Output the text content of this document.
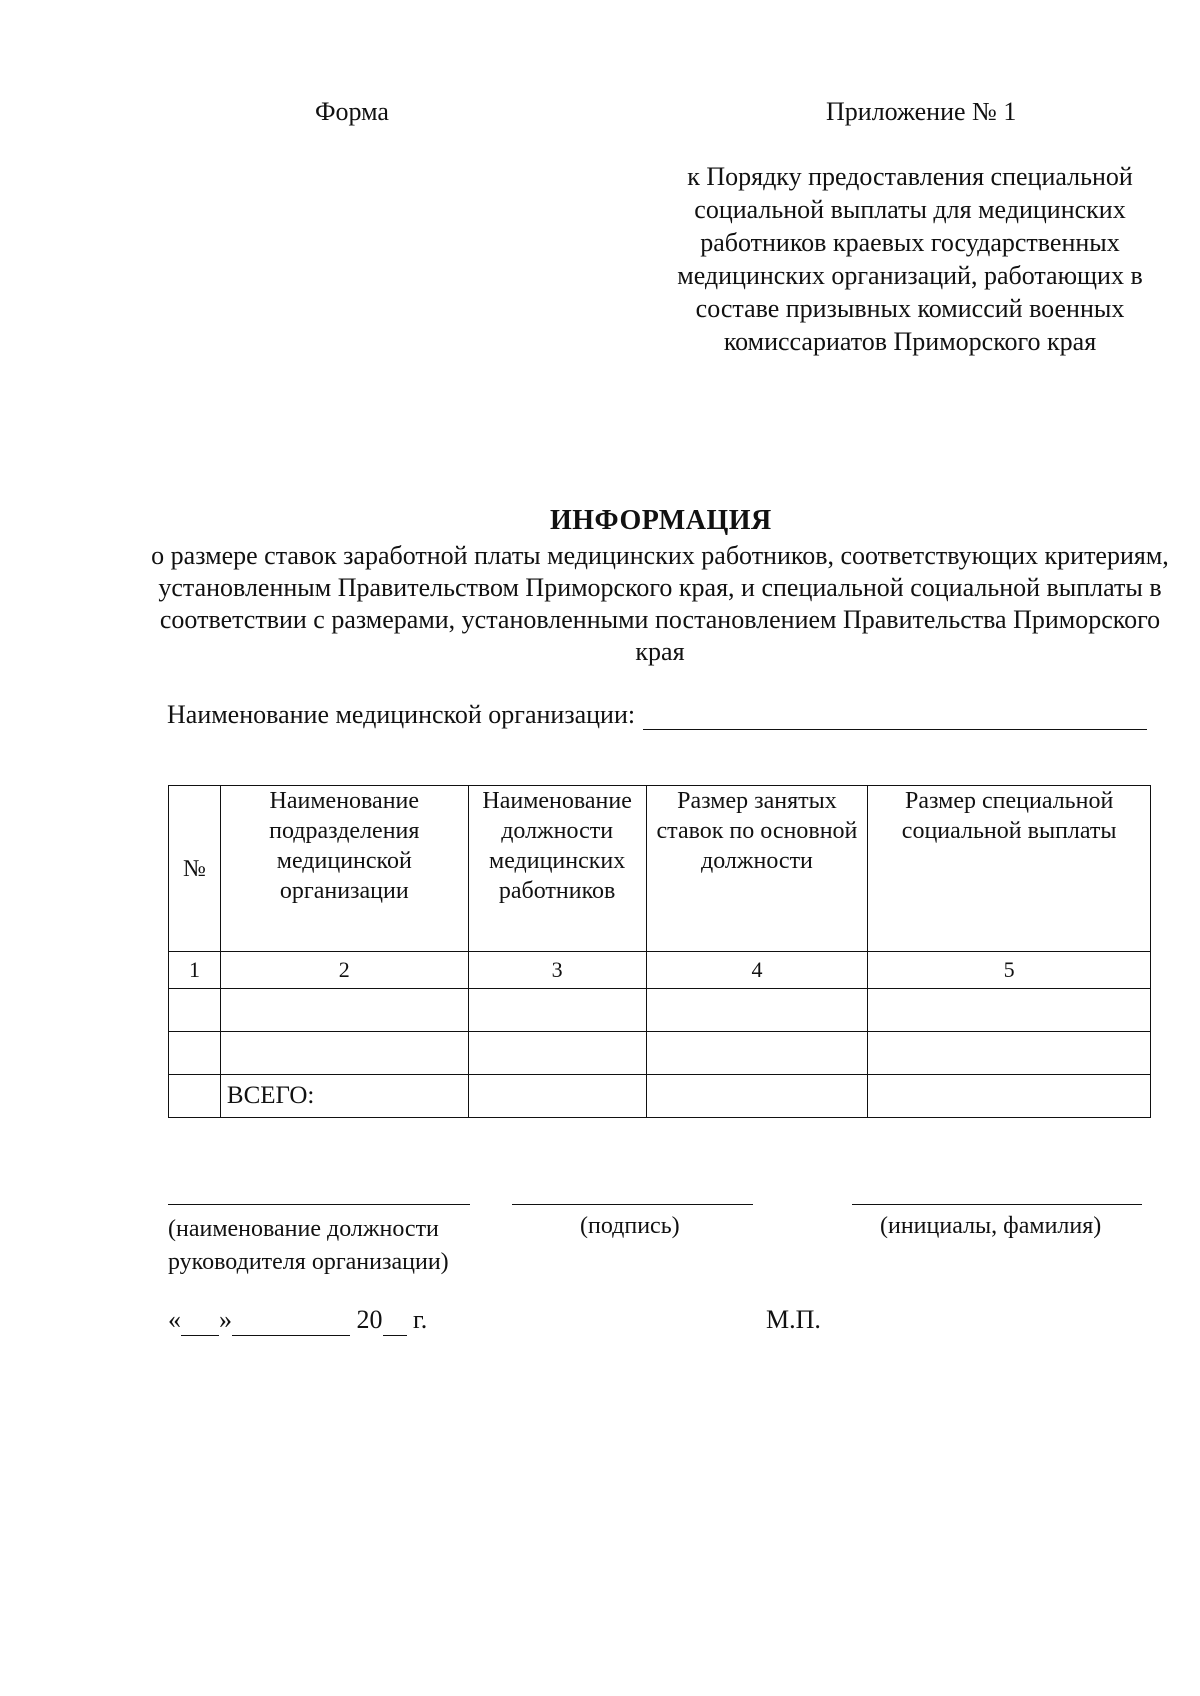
Форма	Приложение № 1
к Порядку предоставления специальной социальной выплаты для медицинских работников краевых государственных медицинских организаций, работающих в составе призывных комиссий военных комиссариатов Приморского края
ИНФОРМАЦИЯ
о размере ставок заработной платы медицинских работников, соответствующих критериям, установленным Правительством Приморского края, и специальной социальной выплаты в соответствии с размерами, установленными постановлением Правительства Приморского края
Наименование медицинской организации:
№	Наименование подразделения медицинской организации	Наименование должности медицинских работников	Размер занятых ставок по основной должности	Размер специальной социальной выплаты
1	2	3	4	5

	ВСЕГО:			
(наименование должности руководителя организации)
(подпись)	(инициалы, фамилия)
« »	20 г.	М.П.
